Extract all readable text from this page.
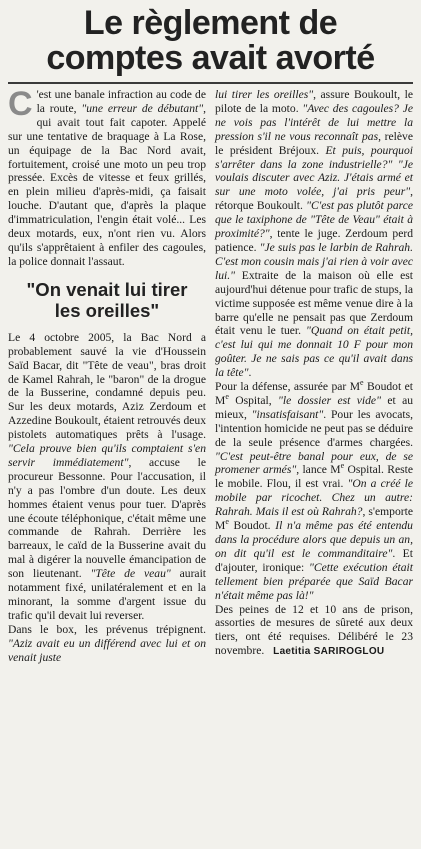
Le règlement de
comptes avait avorté

C 'est une banale infraction au code de la route, "une erreur de débutant", qui avait tout fait capoter. Appelé sur une tentative de braquage à La Rose, un équipage de la Bac Nord avait, fortuitement, croisé une moto un peu trop pressée. Excès de vitesse et feux grillés, en plein milieu d'après-midi, ça faisait louche. D'autant que, d'après la plaque d'immatriculation, l'engin était volé... Les deux motards, eux, n'ont rien vu. Alors qu'ils s'apprêtaient à enfiler des cagoules, la police donnait l'assaut.

"On venait lui tirer
les oreilles"

Le 4 octobre 2005, la Bac Nord a probablement sauvé la vie d'Houssein Saïd Bacar, dit "Tête de veau", bras droit de Kamel Rahrah, le "baron" de la drogue de la Busserine, condamné depuis peu. Sur les deux motards, Aziz Zerdoum et Azzedine Boukoult, étaient retrouvés deux pistolets automatiques prêts à l'usage. "Cela prouve bien qu'ils comptaient s'en servir immédiatement", accuse le procureur Bessonne. Pour l'accusation, il n'y a pas l'ombre d'un doute. Les deux hommes étaient venus pour tuer. D'après une écoute téléphonique, c'était même une commande de Rahrah. Derrière les barreaux, le caïd de la Busserine avait du mal à digérer la nouvelle émancipation de son lieutenant. "Tête de veau" aurait notamment fixé, unilatéralement et en la minorant, la somme d'argent issue du trafic qu'il devait lui reverser.

Dans le box, les prévenus trépignent. "Aziz avait eu un différend avec lui et on venait juste

lui tirer les oreilles", assure Boukoult, le pilote de la moto. "Avec des cagoules? Je ne vois pas l'intérêt de lui mettre la pression s'il ne vous reconnaît pas, relève le président Bréjoux. Et puis, pourquoi s'arrêter dans la zone industrielle?" "Je voulais discuter avec Aziz. J'étais armé et sur une moto volée, j'ai pris peur", rétorque Boukoult. "C'est pas plutôt parce que le taxiphone de "Tête de Veau" était à proximité?", tente le juge. Zerdoum perd patience. "Je suis pas le larbin de Rahrah. C'est mon cousin mais j'ai rien à voir avec lui." Extraite de la maison où elle est aujourd'hui détenue pour trafic de stups, la victime supposée est même venue dire à la barre qu'elle ne pensait pas que Zerdoum était venu le tuer. "Quand on était petit, c'est lui qui me donnait 10 F pour mon goûter. Je ne sais pas ce qu'il avait dans la tête".

Pour la défense, assurée par Me Boudot et Me Ospital, "le dossier est vide" et au mieux, "insatisfaisant". Pour les avocats, l'intention homicide ne peut pas se déduire de la seule présence d'armes chargées. "C'est peut-être banal pour eux, de se promener armés", lance Me Ospital. Reste le mobile. Flou, il est vrai. "On a créé le mobile par ricochet. Chez un autre: Rahrah. Mais il est où Rahrah?, s'emporte Me Boudot. Il n'a même pas été entendu dans la procédure alors que depuis un an, on dit qu'il est le commanditaire". Et d'ajouter, ironique: "Cette exécution était tellement bien préparée que Saïd Bacar n'était même pas là!"

Des peines de 12 et 10 ans de prison, assorties de mesures de sûreté aux deux tiers, ont été requises. Délibéré le 23 novembre. Laetitia SARIROGLOU
